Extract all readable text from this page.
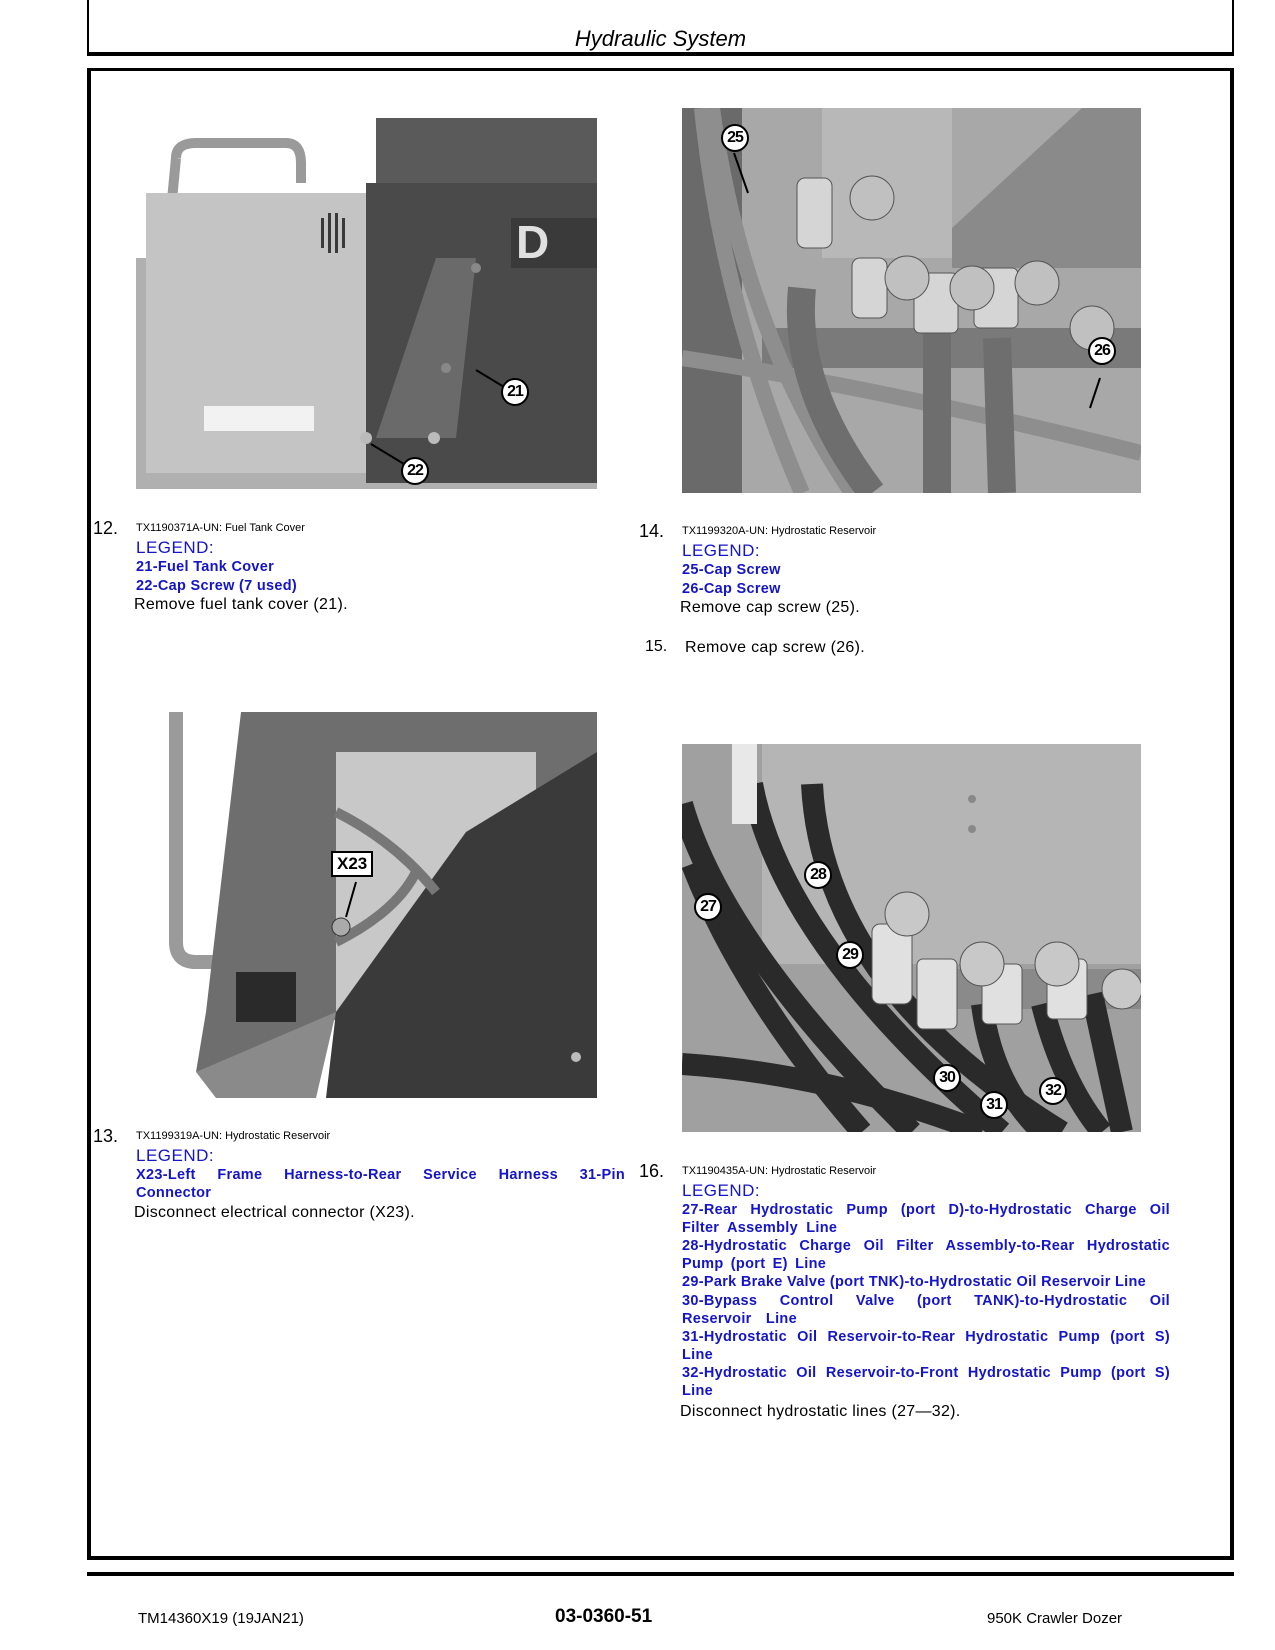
Hydraulic System
D
21
22
12. TX1190371A-UN: Fuel Tank Cover
LEGEND:
21-Fuel Tank Cover
22-Cap Screw (7 used)
Remove fuel tank cover (21).
25
26
14. TX1199320A-UN: Hydrostatic Reservoir
LEGEND:
25-Cap Screw
26-Cap Screw
Remove cap screw (25).
15. Remove cap screw (26).
X23
13. TX1199319A-UN: Hydrostatic Reservoir
LEGEND:
X23-Left Frame Harness-to-Rear Service Harness 31-Pin Connector
Disconnect electrical connector (X23).
28
27
29
30
31
32
16. TX1190435A-UN: Hydrostatic Reservoir
LEGEND:
27-Rear Hydrostatic Pump (port D)-to-Hydrostatic Charge Oil Filter Assembly Line
28-Hydrostatic Charge Oil Filter Assembly-to-Rear Hydrostatic Pump (port E) Line
29-Park Brake Valve (port TNK)-to-Hydrostatic Oil Reservoir Line
30-Bypass Control Valve (port TANK)-to-Hydrostatic Oil Reservoir Line
31-Hydrostatic Oil Reservoir-to-Rear Hydrostatic Pump (port S) Line
32-Hydrostatic Oil Reservoir-to-Front Hydrostatic Pump (port S) Line
Disconnect hydrostatic lines (27—32).
TM14360X19 (19JAN21)	03-0360-51	950K Crawler Dozer
